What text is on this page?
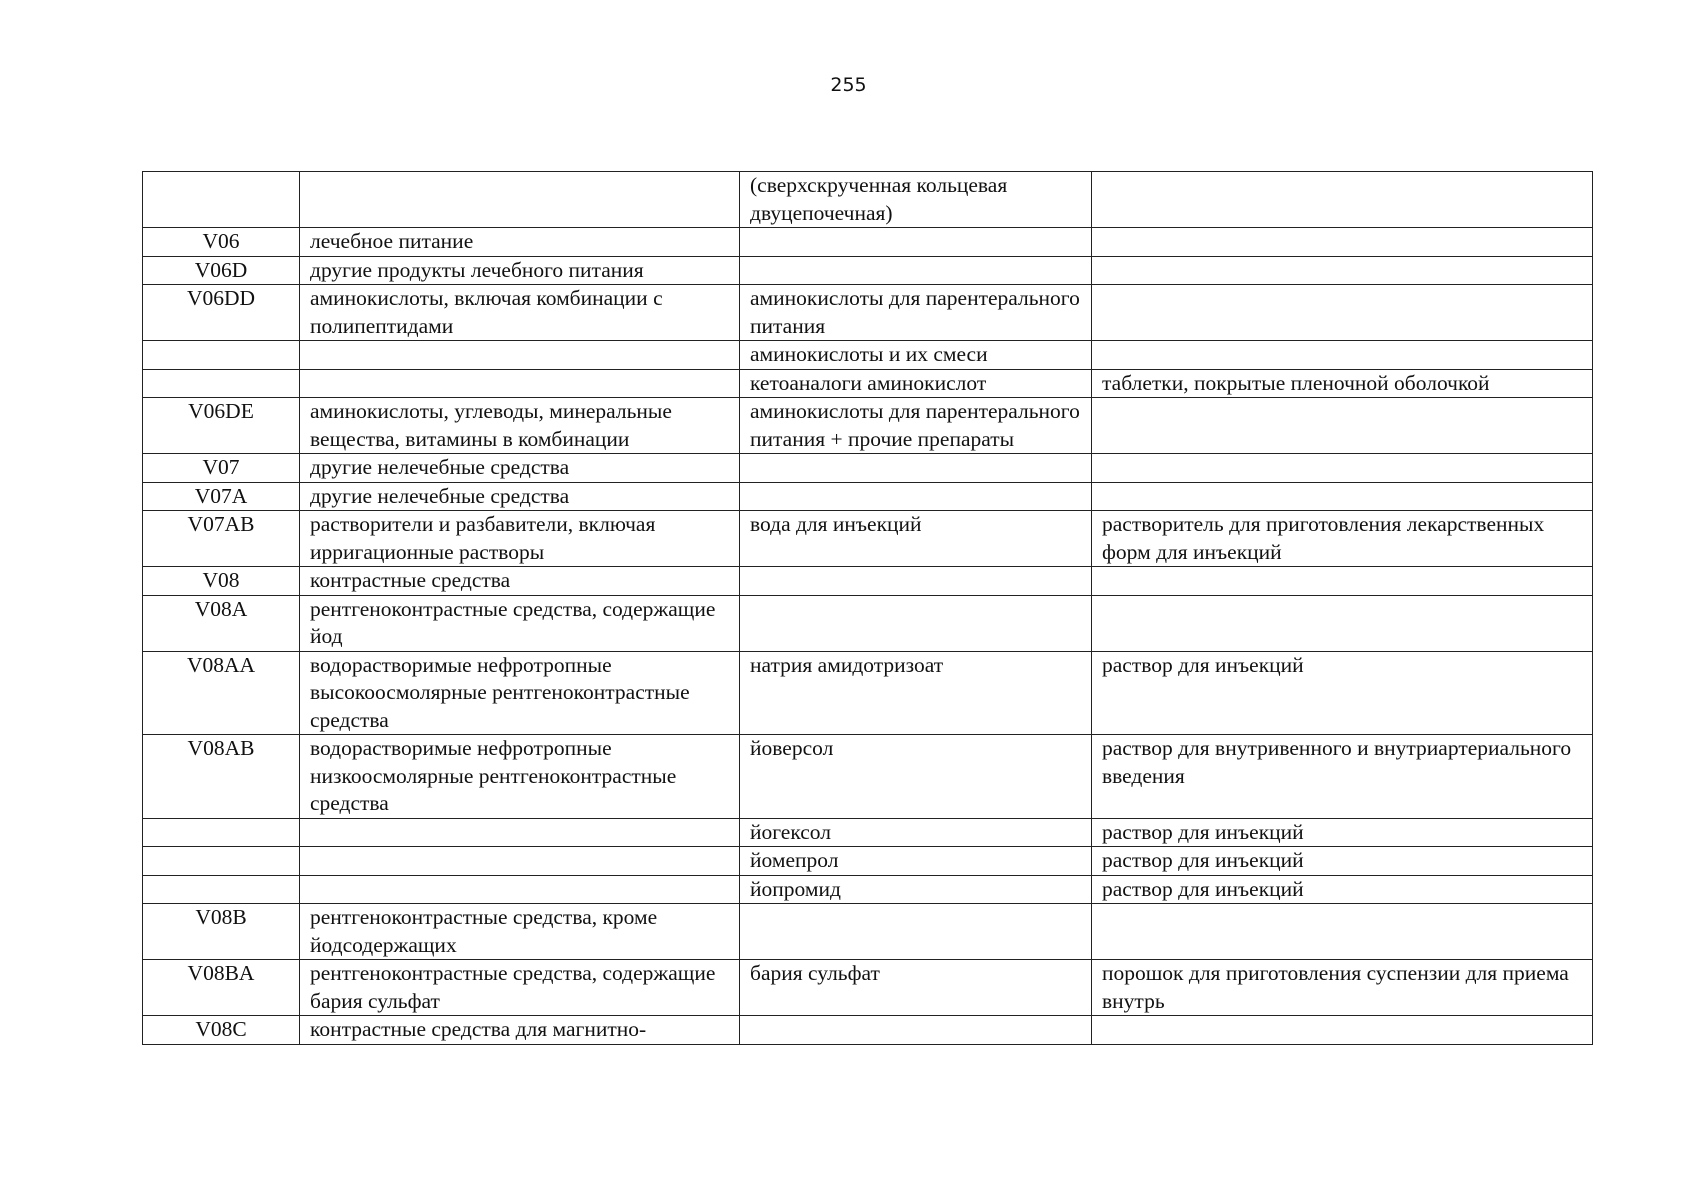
255
		(сверхскрученная кольцевая двуцепочечная)	
V06	лечебное питание		
V06D	другие продукты лечебного питания		
V06DD	аминокислоты, включая комбинации с полипептидами	аминокислоты для парентерального питания	
		аминокислоты и их смеси	
		кетоаналоги аминокислот	таблетки, покрытые пленочной оболочкой
V06DE	аминокислоты, углеводы, минеральные вещества, витамины в комбинации	аминокислоты для парентерального питания + прочие препараты	
V07	другие нелечебные средства		
V07A	другие нелечебные средства		
V07AB	растворители и разбавители, включая ирригационные растворы	вода для инъекций	растворитель для приготовления лекарственных форм для инъекций
V08	контрастные средства		
V08A	рентгеноконтрастные средства, содержащие йод		
V08AA	водорастворимые нефротропные высокоосмолярные рентгеноконтрастные средства	натрия амидотризоат	раствор для инъекций
V08AB	водорастворимые нефротропные низкоосмолярные рентгеноконтрастные средства	йоверсол	раствор для внутривенного и внутриартериального введения
		йогексол	раствор для инъекций
		йомепрол	раствор для инъекций
		йопромид	раствор для инъекций
V08B	рентгеноконтрастные средства, кроме йодсодержащих		
V08BA	рентгеноконтрастные средства, содержащие бария сульфат	бария сульфат	порошок для приготовления суспензии для приема внутрь
V08C	контрастные средства для магнитно-		
